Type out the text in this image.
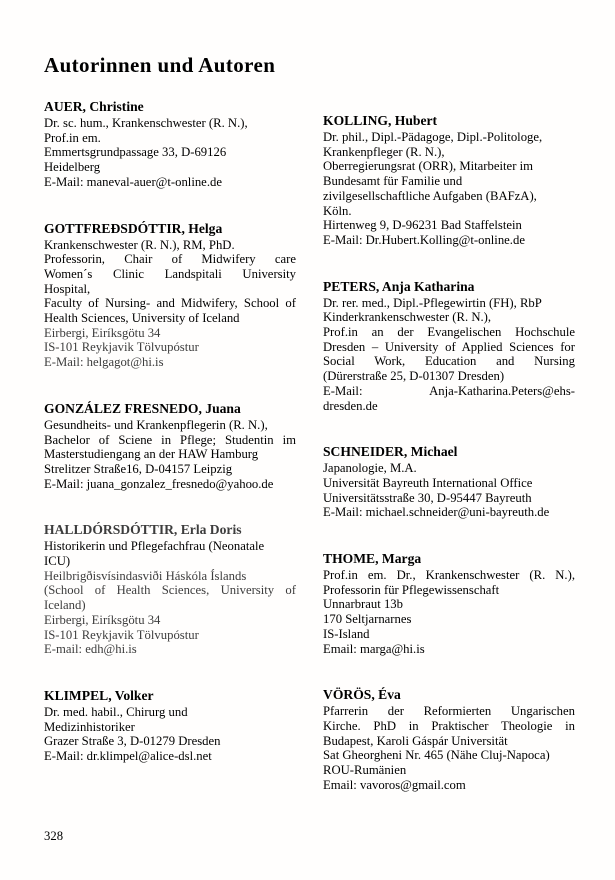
Autorinnen und Autoren
AUER, Christine
Dr. sc. hum., Krankenschwester (R. N.),
Prof.in em.
Emmertsgrundpassage 33, D-69126
Heidelberg
E-Mail: maneval-auer@t-online.de
GOTTFREÐSDÓTTIR, Helga
Krankenschwester (R. N.), RM, PhD.
Professorin, Chair of Midwifery care
Women´s Clinic Landspitali University
Hospital,
Faculty of Nursing- and Midwifery, School of
Health Sciences, University of Iceland
Eirbergi, Eiríksgötu 34
IS-101 Reykjavik Tölvupóstur
E-Mail: helgagot@hi.is
GONZÁLEZ FRESNEDO, Juana
Gesundheits- und Krankenpflegerin (R. N.),
Bachelor of Sciene in Pflege; Studentin im
Masterstudiengang an der HAW Hamburg
Strelitzer Straße16, D-04157 Leipzig
E-Mail: juana_gonzalez_fresnedo@yahoo.de
HALLDÓRSDÓTTIR, Erla Doris
Historikerin und Pflegefachfrau (Neonatale
ICU)
Heilbrigðisvísindasviði Háskóla Íslands
(School of Health Sciences, University of
Iceland)
Eirbergi, Eiríksgötu 34
IS-101 Reykjavik Tölvupóstur
E-mail: edh@hi.is
KLIMPEL, Volker
Dr. med. habil., Chirurg und
Medizinhistoriker
Grazer Straße 3, D-01279 Dresden
E-Mail: dr.klimpel@alice-dsl.net
KOLLING, Hubert
Dr. phil., Dipl.-Pädagoge, Dipl.-Politologe,
Krankenpfleger (R. N.),
Oberregierungsrat (ORR), Mitarbeiter im
Bundesamt für Familie und
zivilgesellschaftliche Aufgaben (BAFzA),
Köln.
Hirtenweg 9, D-96231 Bad Staffelstein
E-Mail: Dr.Hubert.Kolling@t-online.de
PETERS, Anja Katharina
Dr. rer. med., Dipl.-Pflegewirtin (FH), RbP
Kinderkrankenschwester (R. N.),
Prof.in an der Evangelischen Hochschule
Dresden – University of Applied Sciences for
Social Work, Education and Nursing
(Dürerstraße 25, D-01307 Dresden)
E-Mail: Anja-Katharina.Peters@ehs-
dresden.de
SCHNEIDER, Michael
Japanologie, M.A.
Universität Bayreuth International Office
Universitätsstraße 30, D-95447 Bayreuth
E-Mail: michael.schneider@uni-bayreuth.de
THOME, Marga
Prof.in em. Dr., Krankenschwester (R. N.),
Professorin für Pflegewissenschaft
Unnarbraut 13b
170 Seltjarnarnes
IS-Island
Email: marga@hi.is
VÖRÖS, Éva
Pfarrerin der Reformierten Ungarischen
Kirche. PhD in Praktischer Theologie in
Budapest, Karoli Gáspár Universität
Sat Gheorgheni Nr. 465 (Nähe Cluj-Napoca)
ROU-Rumänien
Email: vavoros@gmail.com
328
